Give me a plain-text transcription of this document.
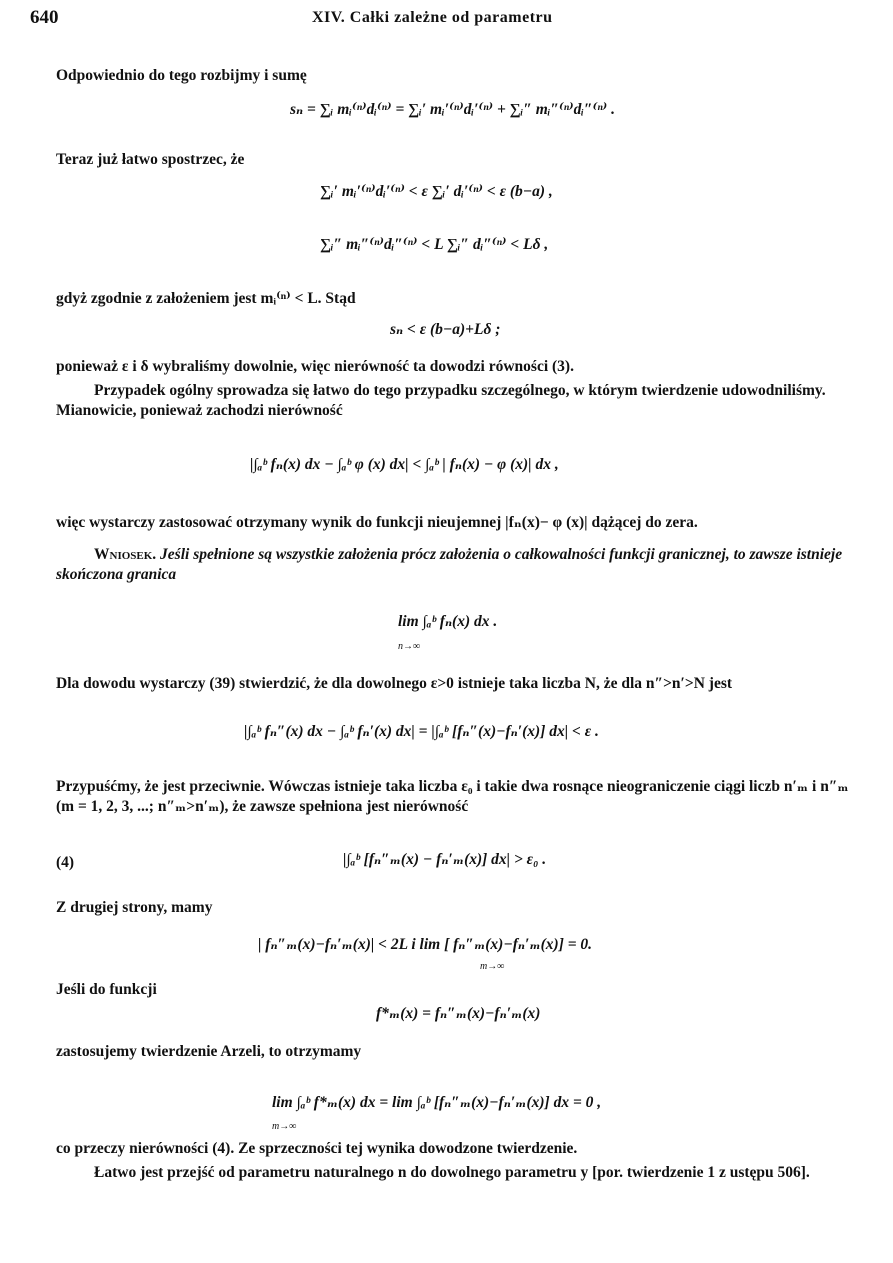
640	XIV. Całki zależne od parametru
Odpowiednio do tego rozbijmy i sumę
sₙ = ∑ᵢ mᵢ⁽ⁿ⁾dᵢ⁽ⁿ⁾ = ∑ᵢ′ mᵢ′⁽ⁿ⁾dᵢ′⁽ⁿ⁾ + ∑ᵢ″ mᵢ″⁽ⁿ⁾dᵢ″⁽ⁿ⁾ .
Teraz już łatwo spostrzec, że
∑ᵢ′ mᵢ′⁽ⁿ⁾dᵢ′⁽ⁿ⁾ < ε ∑ᵢ′ dᵢ′⁽ⁿ⁾ < ε (b−a) ,
∑ᵢ″ mᵢ″⁽ⁿ⁾dᵢ″⁽ⁿ⁾ < L ∑ᵢ″ dᵢ″⁽ⁿ⁾ < Lδ ,
gdyż zgodnie z założeniem jest mᵢ⁽ⁿ⁾ < L. Stąd
sₙ < ε (b−a)+Lδ ;
ponieważ ε i δ wybraliśmy dowolnie, więc nierówność ta dowodzi równości (3).
Przypadek ogólny sprowadza się łatwo do tego przypadku szczególnego, w którym twierdzenie udowodniliśmy. Mianowicie, ponieważ zachodzi nierówność
|∫ₐᵇ fₙ(x) dx − ∫ₐᵇ φ (x) dx| < ∫ₐᵇ | fₙ(x) − φ (x)| dx ,
więc wystarczy zastosować otrzymany wynik do funkcji nieujemnej |fₙ(x)− φ (x)| dążącej do zera.
Wniosek. Jeśli spełnione są wszystkie założenia prócz założenia o całkowalności funkcji granicznej, to zawsze istnieje skończona granica
lim ∫ₐᵇ fₙ(x) dx .
n→∞
Dla dowodu wystarczy (39) stwierdzić, że dla dowolnego ε>0 istnieje taka liczba N, że dla n″>n′>N jest
|∫ₐᵇ fₙ″(x) dx − ∫ₐᵇ fₙ′(x) dx| = |∫ₐᵇ [fₙ″(x)−fₙ′(x)] dx| < ε .
Przypuśćmy, że jest przeciwnie. Wówczas istnieje taka liczba ε₀ i takie dwa rosnące nieograniczenie ciągi liczb n′ₘ i n″ₘ (m = 1, 2, 3, ...; n″ₘ>n′ₘ), że zawsze spełniona jest nierówność
(4)	|∫ₐᵇ [fₙ″ₘ(x) − fₙ′ₘ(x)] dx| > ε₀ .
Z drugiej strony, mamy
| fₙ″ₘ(x)−fₙ′ₘ(x)| < 2L i lim [ fₙ″ₘ(x)−fₙ′ₘ(x)] = 0.
m→∞
Jeśli do funkcji
f*ₘ(x) = fₙ″ₘ(x)−fₙ′ₘ(x)
zastosujemy twierdzenie Arzeli, to otrzymamy
lim ∫ₐᵇ f*ₘ(x) dx = lim ∫ₐᵇ [fₙ″ₘ(x)−fₙ′ₘ(x)] dx = 0 ,
m→∞
co przeczy nierówności (4). Ze sprzeczności tej wynika dowodzone twierdzenie.
Łatwo jest przejść od parametru naturalnego n do dowolnego parametru y [por. twierdzenie 1 z ustępu 506].
